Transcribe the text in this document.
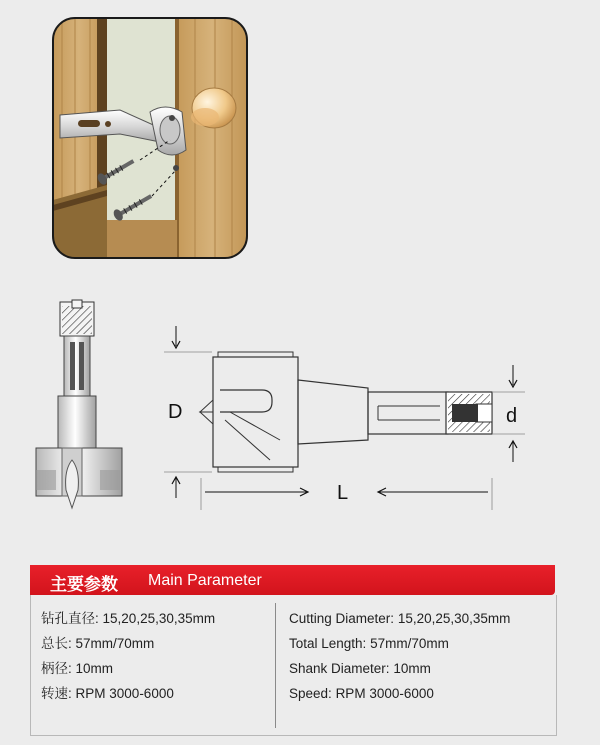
D	d
L
主要参数 Main Parameter
钻孔直径: 15,20,25,30,35mm
总长: 57mm/70mm
柄径: 10mm
转速: RPM 3000-6000
Cutting Diameter: 15,20,25,30,35mm
Total Length: 57mm/70mm
Shank Diameter: 10mm
Speed: RPM 3000-6000
